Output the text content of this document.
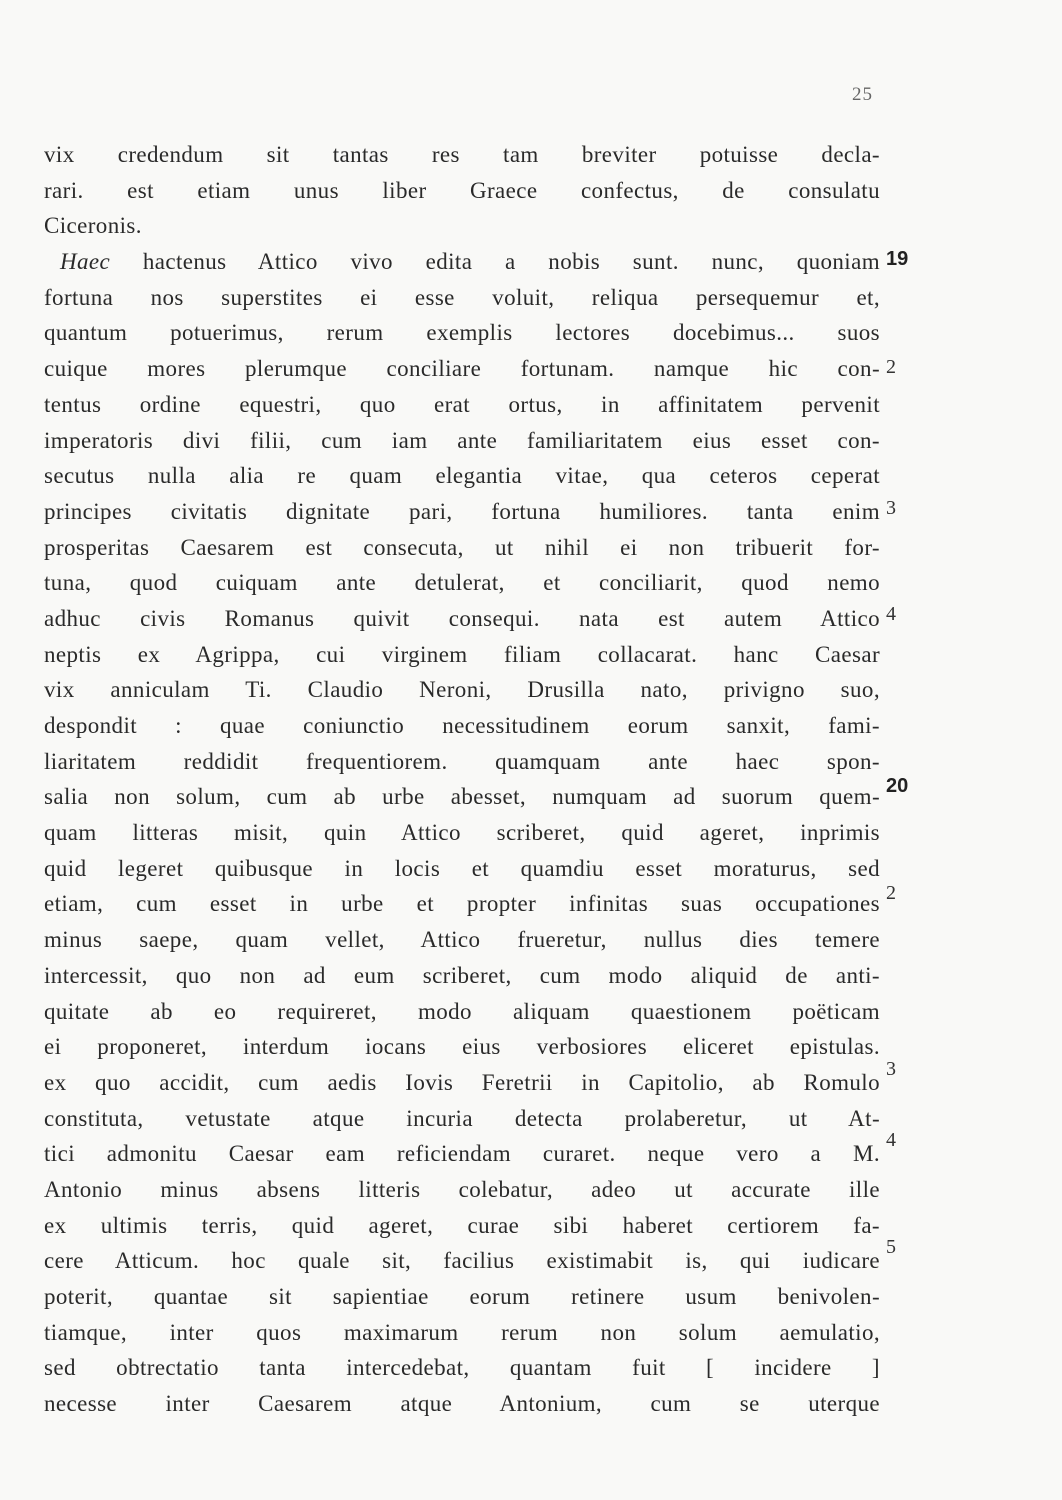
25
vix credendum sit tantas res tam breviter potuisse decla-
rari. est etiam unus liber Graece confectus, de consulatu
Ciceronis.
Haec hactenus Attico vivo edita a nobis sunt. nunc, quoniam
fortuna nos superstites ei esse voluit, reliqua persequemur et,
quantum potuerimus, rerum exemplis lectores docebimus... suos
cuique mores plerumque conciliare fortunam. namque hic con-
tentus ordine equestri, quo erat ortus, in affinitatem pervenit
imperatoris divi filii, cum iam ante familiaritatem eius esset con-
secutus nulla alia re quam elegantia vitae, qua ceteros ceperat
principes civitatis dignitate pari, fortuna humiliores. tanta enim
prosperitas Caesarem est consecuta, ut nihil ei non tribuerit for-
tuna, quod cuiquam ante detulerat, et conciliarit, quod nemo
adhuc civis Romanus quivit consequi. nata est autem Attico
neptis ex Agrippa, cui virginem filiam collacarat. hanc Caesar
vix anniculam Ti. Claudio Neroni, Drusilla nato, privigno suo,
despondit : quae coniunctio necessitudinem eorum sanxit, fami-
liaritatem reddidit frequentiorem. quamquam ante haec spon-
salia non solum, cum ab urbe abesset, numquam ad suorum quem-
quam litteras misit, quin Attico scriberet, quid ageret, inprimis
quid legeret quibusque in locis et quamdiu esset moraturus, sed
etiam, cum esset in urbe et propter infinitas suas occupationes
minus saepe, quam vellet, Attico frueretur, nullus dies temere
intercessit, quo non ad eum scriberet, cum modo aliquid de anti-
quitate ab eo requireret, modo aliquam quaestionem poëticam
ei proponeret, interdum iocans eius verbosiores eliceret epistulas.
ex quo accidit, cum aedis Iovis Feretrii in Capitolio, ab Romulo
constituta, vetustate atque incuria detecta prolaberetur, ut At-
tici admonitu Caesar eam reficiendam curaret. neque vero a M.
Antonio minus absens litteris colebatur, adeo ut accurate ille
ex ultimis terris, quid ageret, curae sibi haberet certiorem fa-
cere Atticum. hoc quale sit, facilius existimabit is, qui iudicare
poterit, quantae sit sapientiae eorum retinere usum benivolen-
tiamque, inter quos maximarum rerum non solum aemulatio,
sed obtrectatio tanta intercedebat, quantam fuit [ incidere ]
necesse inter Caesarem atque Antonium, cum se uterque
19
2
3
4
20
2
3
4
5
